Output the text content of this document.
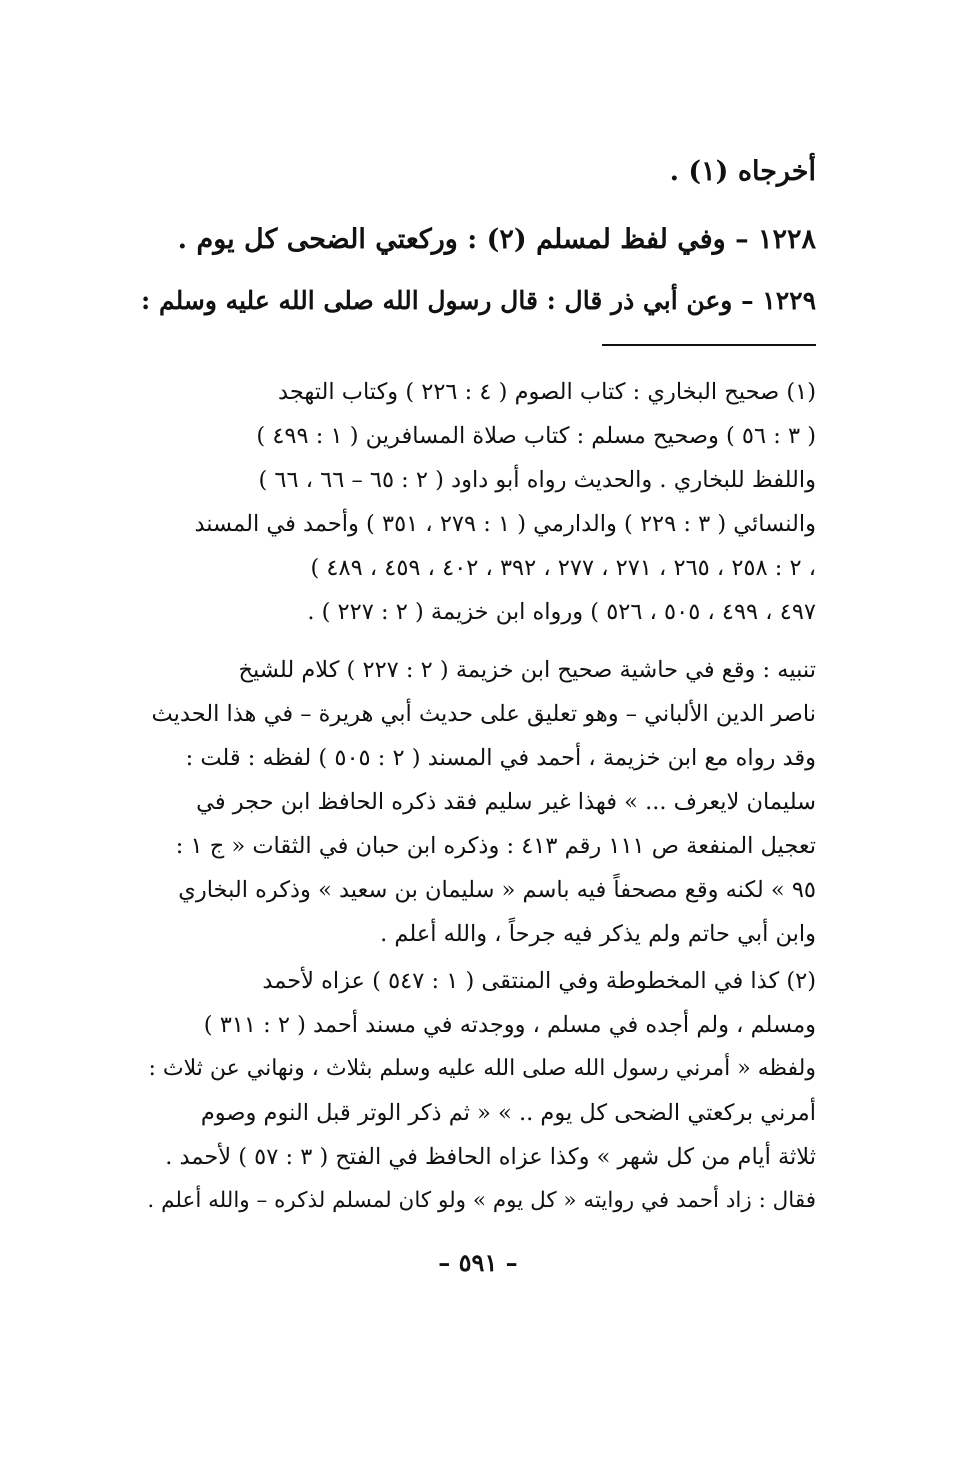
أخرجاه (١) .
١٢٢٨ – وفي لفظ لمسلم (٢) : وركعتي الضحى كل يوم .
١٢٢٩ – وعن أبي ذر قال : قال رسول الله صلى الله عليه وسلم :
(١) صحيح البخاري : كتاب الصوم ( ٤ : ٢٢٦ ) وكتاب التهجد
( ٣ : ٥٦ ) وصحيح مسلم : كتاب صلاة المسافرين ( ١ : ٤٩٩ )
واللفظ للبخاري . والحديث رواه أبو داود ( ٢ : ٦٥ – ٦٦ ، ٦٦ )
والنسائي ( ٣ : ٢٢٩ ) والدارمي ( ١ : ٢٧٩ ، ٣٥١ ) وأحمد في المسند
( ٢ : ٢٥٨ ، ٢٦٥ ، ٢٧١ ، ٢٧٧ ، ٣٩٢ ، ٤٠٢ ، ٤٥٩ ، ٤٨٩ ،
٤٩٧ ، ٤٩٩ ، ٥٠٥ ، ٥٢٦ ) ورواه ابن خزيمة ( ٢ : ٢٢٧ ) .
تنبيه : وقع في حاشية صحيح ابن خزيمة ( ٢ : ٢٢٧ ) كلام للشيخ
ناصر الدين الألباني – وهو تعليق على حديث أبي هريرة – في هذا الحديث
وقد رواه مع ابن خزيمة ، أحمد في المسند ( ٢ : ٥٠٥ ) لفظه : قلت :
سليمان لايعرف ... » فهذا غير سليم فقد ذكره الحافظ ابن حجر في
تعجيل المنفعة ص ١١١ رقم ٤١٣ : وذكره ابن حبان في الثقات « ج ١ :
٩٥ » لكنه وقع مصحفاً فيه باسم « سليمان بن سعيد » وذكره البخاري
وابن أبي حاتم ولم يذكر فيه جرحاً ، والله أعلم .
(٢) كذا في المخطوطة وفي المنتقى ( ١ : ٥٤٧ ) عزاه لأحمد
ومسلم ، ولم أجده في مسلم ، ووجدته في مسند أحمد ( ٢ : ٣١١ )
ولفظه « أمرني رسول الله صلى الله عليه وسلم بثلاث ، ونهاني عن ثلاث :
أمرني بركعتي الضحى كل يوم .. » « ثم ذكر الوتر قبل النوم وصوم
ثلاثة أيام من كل شهر » وكذا عزاه الحافظ في الفتح ( ٣ : ٥٧ ) لأحمد .
فقال : زاد أحمد في روايته « كل يوم » ولو كان لمسلم لذكره – والله أعلم .
– ٥٩١ –
